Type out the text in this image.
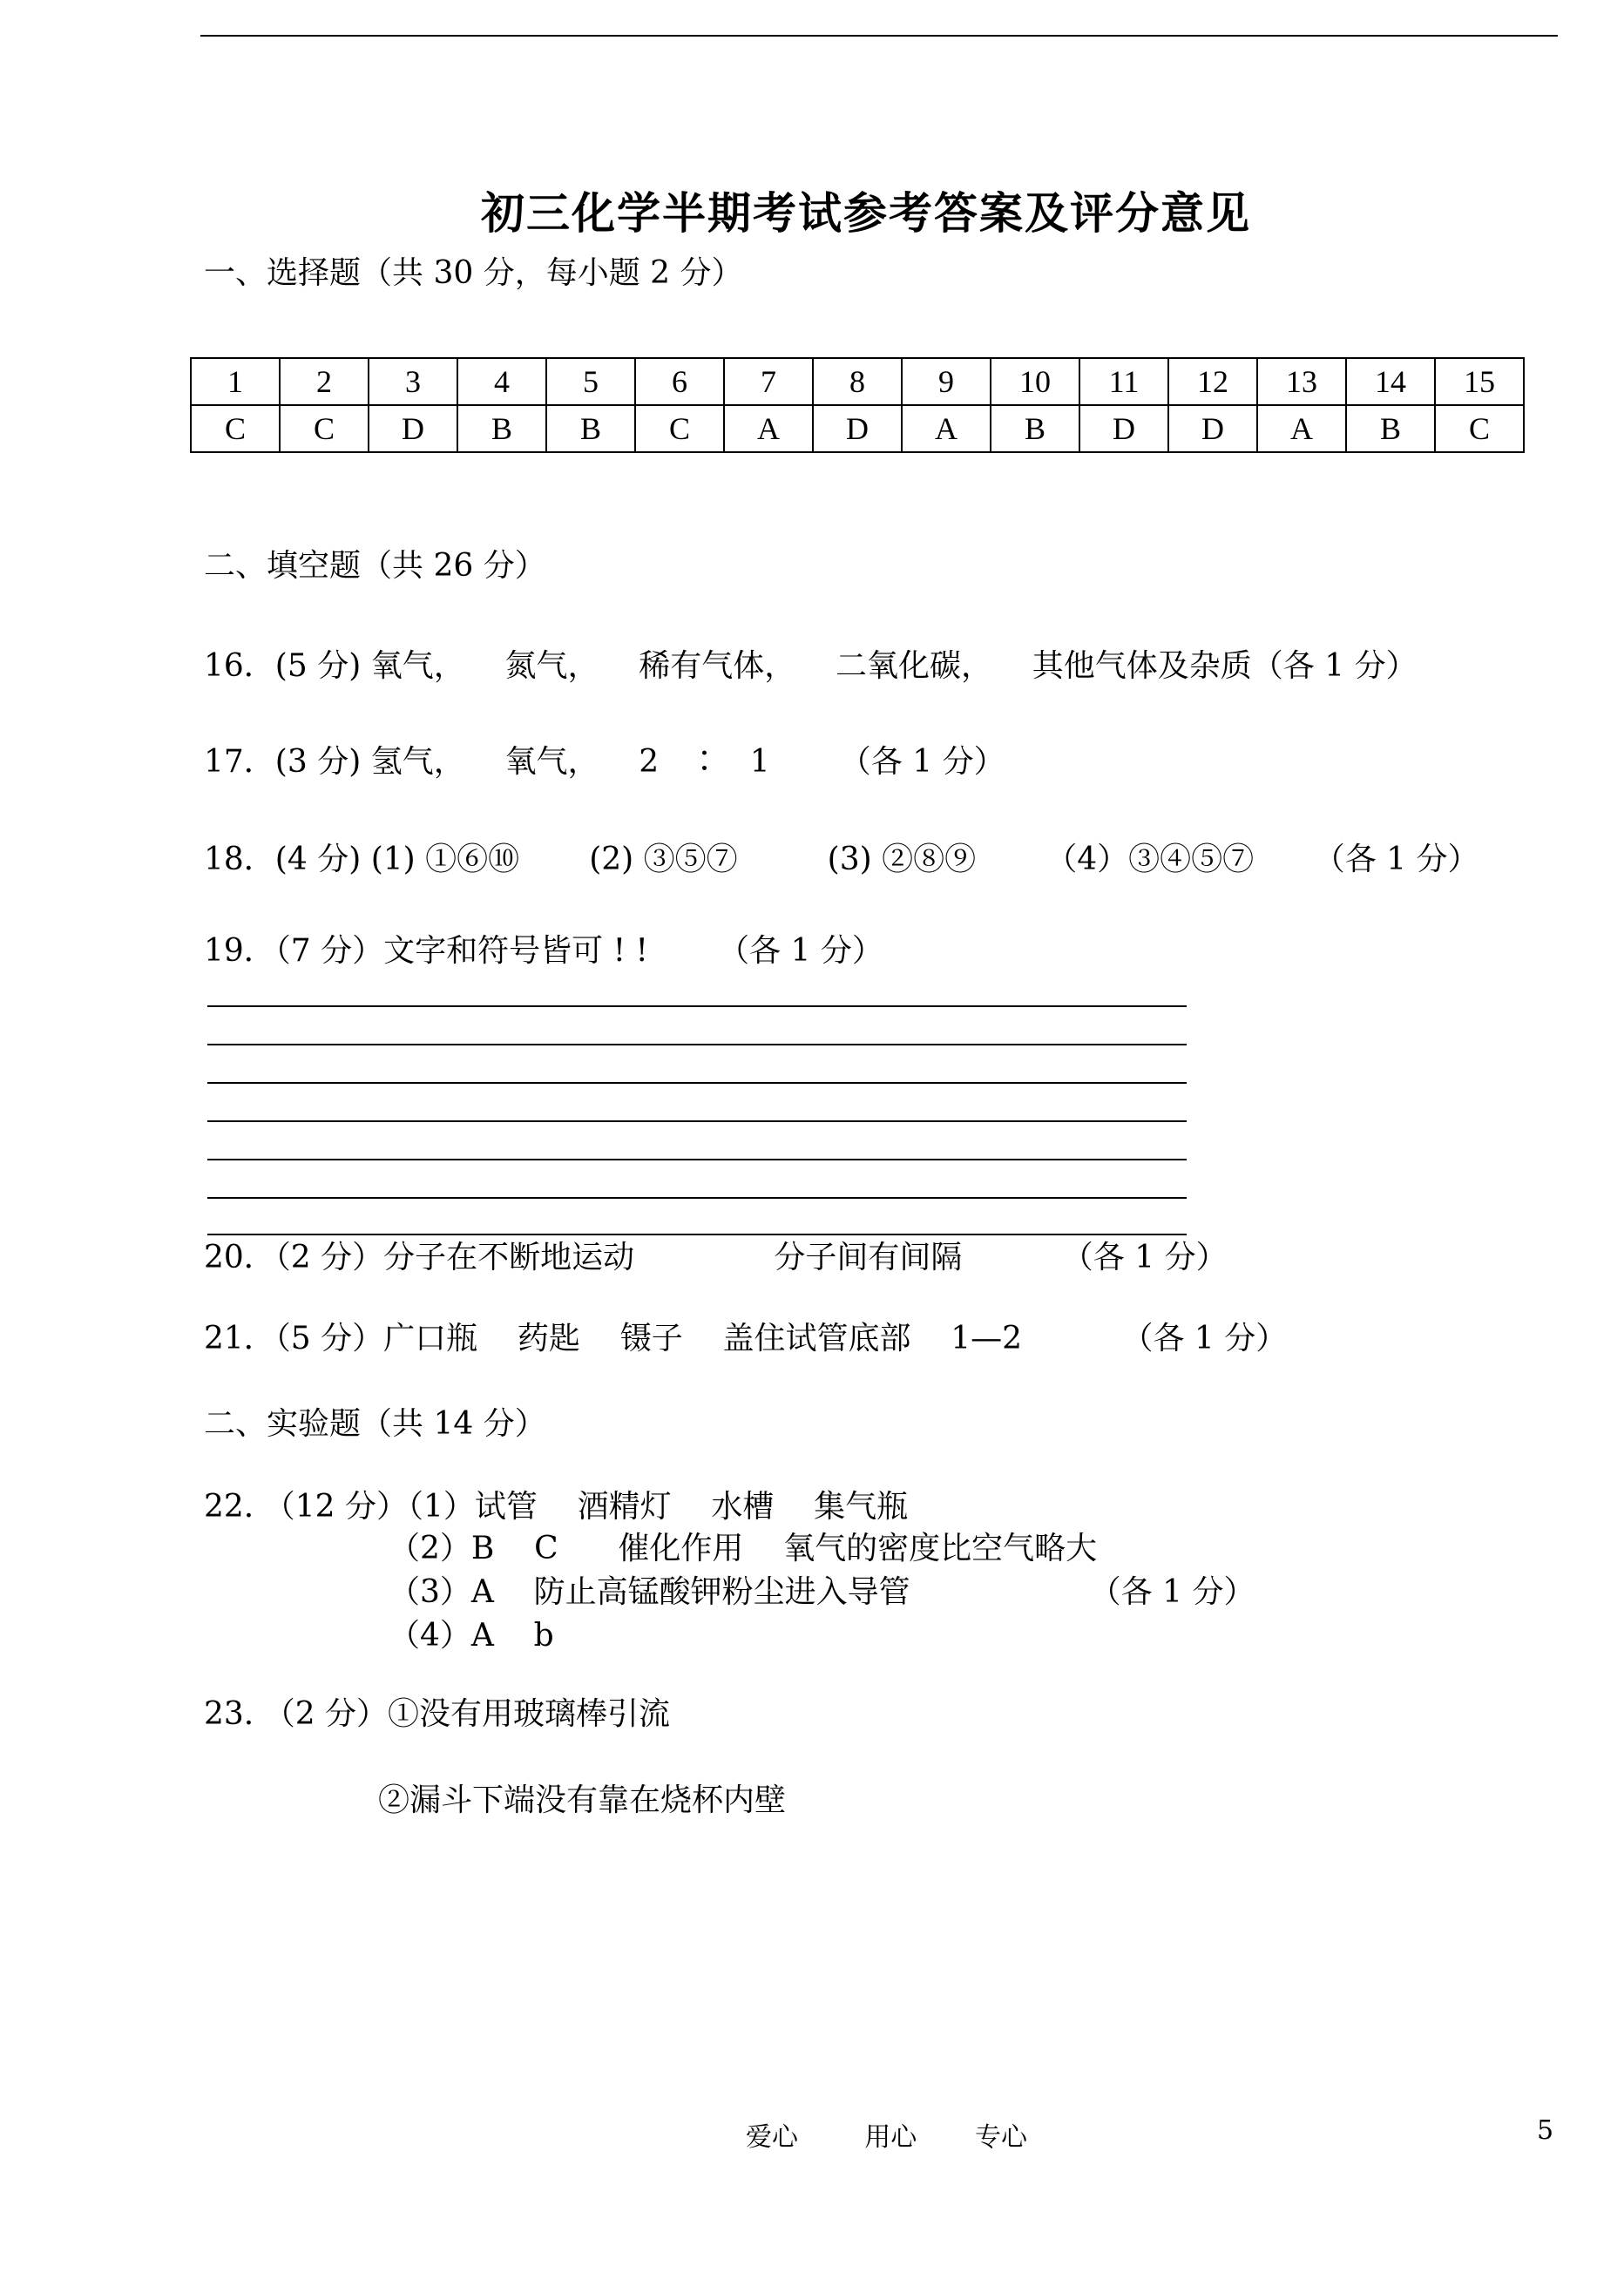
初三化学半期考试参考答案及评分意见
一、选择题（共 30 分，每小题 2 分）
1	2	3	4	5	6	7	8	9	10	11	12	13	14	15
C	C	D	B	B	C	A	D	A	B	D	D	A	B	C
二、填空题（共 26 分）
16．(5 分) 氧气，    氮气，    稀有气体，    二氧化碳，    其他气体及杂质（各 1 分）
17．(3 分) 氢气，    氧气，    2   ∶   1       （各 1 分）
18．(4 分) (1) ①⑥⑩       (2) ③⑤⑦         (3) ②⑧⑨       （4）③④⑤⑦      （各 1 分）
19．（7 分）文字和符号皆可 ! !       （各 1 分）
20．（2 分）分子在不断地运动              分子间有间隔          （各 1 分）
21．（5 分）广口瓶    药匙    镊子    盖住试管底部    1—2          （各 1 分）
二、实验题（共 14 分）
22. （12 分）（1）试管    酒精灯    水槽    集气瓶
（2）B    C      催化作用    氧气的密度比空气略大
（3）A    防止高锰酸钾粉尘进入导管                  （各 1 分）
（4）A    b
23. （2 分）①没有用玻璃棒引流
②漏斗下端没有靠在烧杯内壁
爱心        用心       专心	5
